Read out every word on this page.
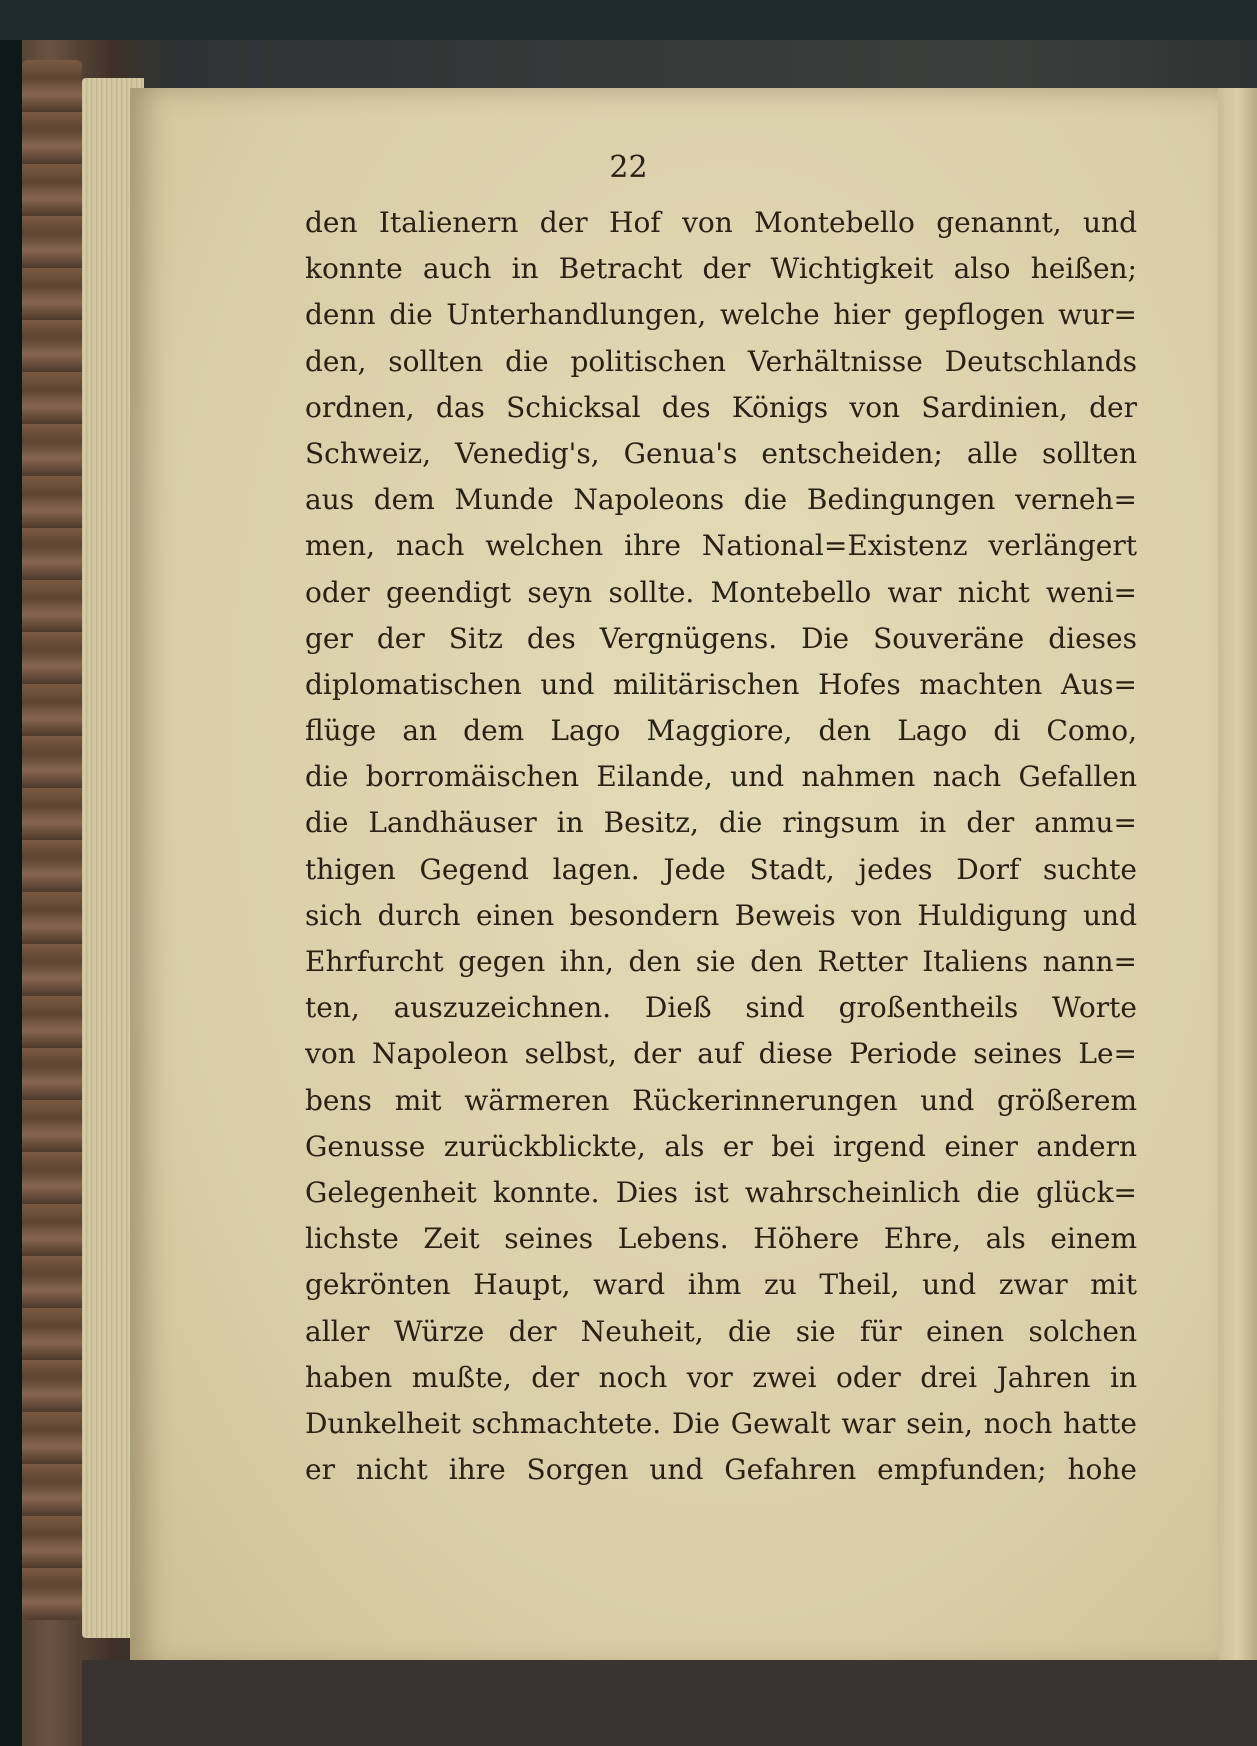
22
den Italienern der Hof von Montebello genannt, und
konnte auch in Betracht der Wichtigkeit also heißen;
denn die Unterhandlungen, welche hier gepflogen wur=
den, sollten die politischen Verhältnisse Deutschlands
ordnen, das Schicksal des Königs von Sardinien, der
Schweiz, Venedig's, Genua's entscheiden; alle sollten
aus dem Munde Napoleons die Bedingungen verneh=
men, nach welchen ihre National=Existenz verlängert
oder geendigt seyn sollte. Montebello war nicht weni=
ger der Sitz des Vergnügens. Die Souveräne dieses
diplomatischen und militärischen Hofes machten Aus=
flüge an dem Lago Maggiore, den Lago di Como,
die borromäischen Eilande, und nahmen nach Gefallen
die Landhäuser in Besitz, die ringsum in der anmu=
thigen Gegend lagen. Jede Stadt, jedes Dorf suchte
sich durch einen besondern Beweis von Huldigung und
Ehrfurcht gegen ihn, den sie den Retter Italiens nann=
ten, auszuzeichnen. Dieß sind großentheils Worte
von Napoleon selbst, der auf diese Periode seines Le=
bens mit wärmeren Rückerinnerungen und größerem
Genusse zurückblickte, als er bei irgend einer andern
Gelegenheit konnte. Dies ist wahrscheinlich die glück=
lichste Zeit seines Lebens. Höhere Ehre, als einem
gekrönten Haupt, ward ihm zu Theil, und zwar mit
aller Würze der Neuheit, die sie für einen solchen
haben mußte, der noch vor zwei oder drei Jahren in
Dunkelheit schmachtete. Die Gewalt war sein, noch hatte
er nicht ihre Sorgen und Gefahren empfunden; hohe
